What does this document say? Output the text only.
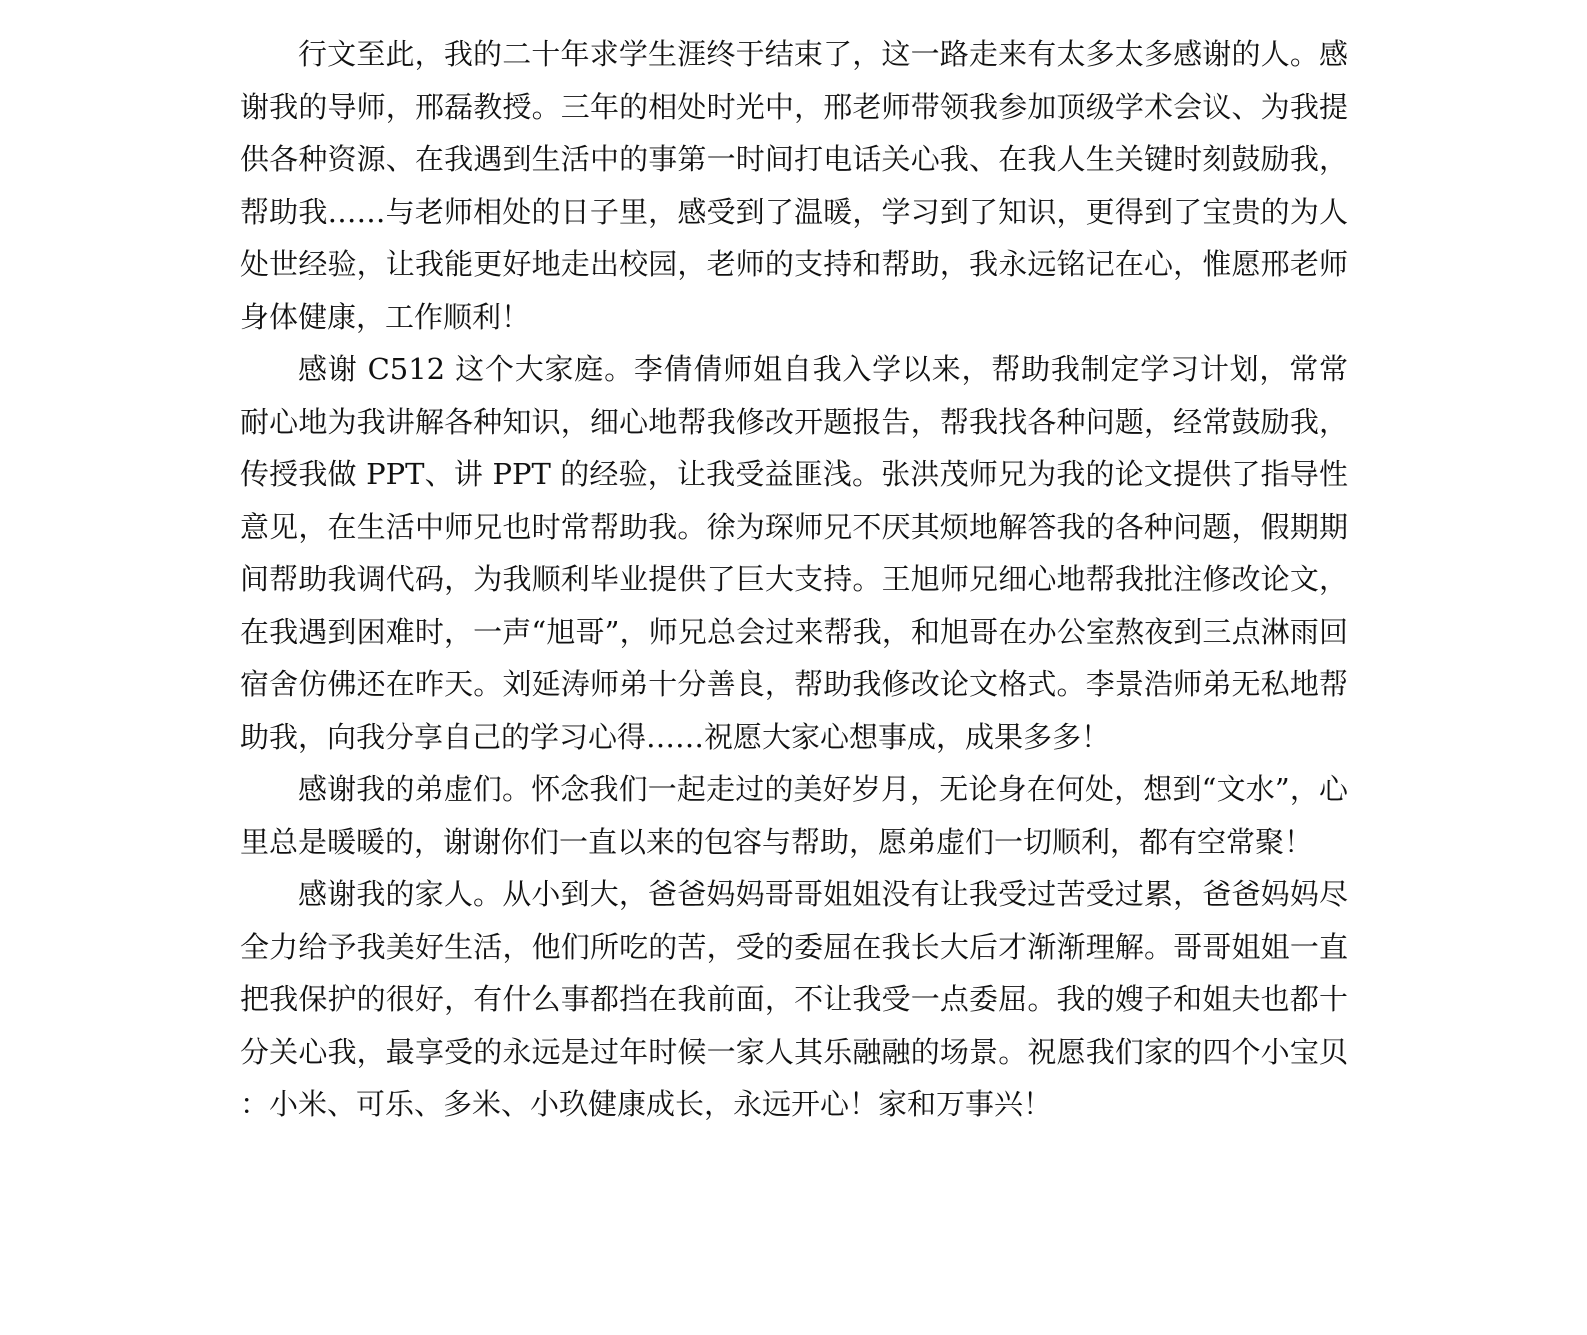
行文至此，我的二十年求学生涯终于结束了，这一路走来有太多太多感谢的人。感谢我的导师，邢磊教授。三年的相处时光中，邢老师带领我参加顶级学术会议、为我提供各种资源、在我遇到生活中的事第一时间打电话关心我、在我人生关键时刻鼓励我，帮助我……与老师相处的日子里，感受到了温暖，学习到了知识，更得到了宝贵的为人处世经验，让我能更好地走出校园，老师的支持和帮助，我永远铭记在心，惟愿邢老师身体健康，工作顺利！

感谢 C512 这个大家庭。李倩倩师姐自我入学以来，帮助我制定学习计划，常常耐心地为我讲解各种知识，细心地帮我修改开题报告，帮我找各种问题，经常鼓励我，传授我做 PPT、讲 PPT 的经验，让我受益匪浅。张洪茂师兄为我的论文提供了指导性意见，在生活中师兄也时常帮助我。徐为琛师兄不厌其烦地解答我的各种问题，假期期间帮助我调代码，为我顺利毕业提供了巨大支持。王旭师兄细心地帮我批注修改论文，在我遇到困难时，一声“旭哥”，师兄总会过来帮我，和旭哥在办公室熬夜到三点淋雨回宿舍仿佛还在昨天。刘延涛师弟十分善良，帮助我修改论文格式。李景浩师弟无私地帮助我，向我分享自己的学习心得……祝愿大家心想事成，成果多多！

感谢我的弟虚们。怀念我们一起走过的美好岁月，无论身在何处，想到“文水”，心里总是暖暖的，谢谢你们一直以来的包容与帮助，愿弟虚们一切顺利，都有空常聚！

感谢我的家人。从小到大，爸爸妈妈哥哥姐姐没有让我受过苦受过累，爸爸妈妈尽全力给予我美好生活，他们所吃的苦，受的委屈在我长大后才渐渐理解。哥哥姐姐一直把我保护的很好，有什么事都挡在我前面，不让我受一点委屈。我的嫂子和姐夫也都十分关心我，最享受的永远是过年时候一家人其乐融融的场景。祝愿我们家的四个小宝贝：小米、可乐、多米、小玖健康成长，永远开心！家和万事兴！
